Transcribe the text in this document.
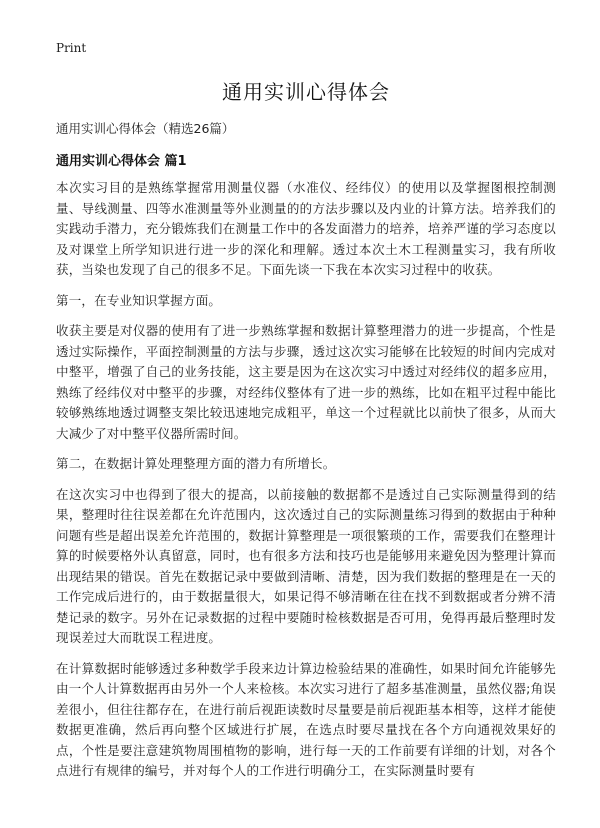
Print

通用实训心得体会

通用实训心得体会（精选26篇）

通用实训心得体会 篇1

本次实习目的是熟练掌握常用测量仪器（水准仪、经纬仪）的使用以及掌握图根控制测量、导线测量、四等水准测量等外业测量的的方法步骤以及内业的计算方法。培养我们的实践动手潜力，充分锻炼我们在测量工作中的各发面潜力的培养，培养严谨的学习态度以及对课堂上所学知识进行进一步的深化和理解。透过本次土木工程测量实习，我有所收获，当染也发现了自己的很多不足。下面先谈一下我在本次实习过程中的收获。

第一，在专业知识掌握方面。

收获主要是对仪器的使用有了进一步熟练掌握和数据计算整理潜力的进一步提高，个性是透过实际操作，平面控制测量的方法与步骤，透过这次实习能够在比较短的时间内完成对中整平，增强了自己的业务技能，这主要是因为在这次实习中透过对经纬仪的超多应用，熟练了经纬仪对中整平的步骤，对经纬仪整体有了进一步的熟练，比如在粗平过程中能比较够熟练地透过调整支架比较迅速地完成粗平，单这一个过程就比以前快了很多，从而大大减少了对中整平仪器所需时间。

第二，在数据计算处理整理方面的潜力有所增长。

在这次实习中也得到了很大的提高，以前接触的数据都不是透过自己实际测量得到的结果，整理时往往误差都在允许范围内，这次透过自己的实际测量练习得到的数据由于种种问题有些是超出误差允许范围的，数据计算整理是一项很繁琐的工作，需要我们在整理计算的时候要格外认真留意，同时，也有很多方法和技巧也是能够用来避免因为整理计算而出现结果的错误。首先在数据记录中要做到清晰、清楚，因为我们数据的整理是在一天的工作完成后进行的，由于数据量很大，如果记得不够清晰在往在找不到数据或者分辨不清楚记录的数字。另外在记录数据的过程中要随时检核数据是否可用，免得再最后整理时发现误差过大而耽误工程进度。

在计算数据时能够透过多种数学手段来边计算边检验结果的准确性，如果时间允许能够先由一个人计算数据再由另外一个人来检核。本次实习进行了超多基准测量，虽然仪器;角误差很小，但往往都存在，在进行前后视距读数时尽量要是前后视距基本相等，这样才能使数据更准确，然后再向整个区域进行扩展，在选点时要尽量找在各个方向通视效果好的点，个性是要注意建筑物周围植物的影响，进行每一天的工作前要有详细的计划，对各个点进行有规律的编号，并对每个人的工作进行明确分工，在实际测量时要有
